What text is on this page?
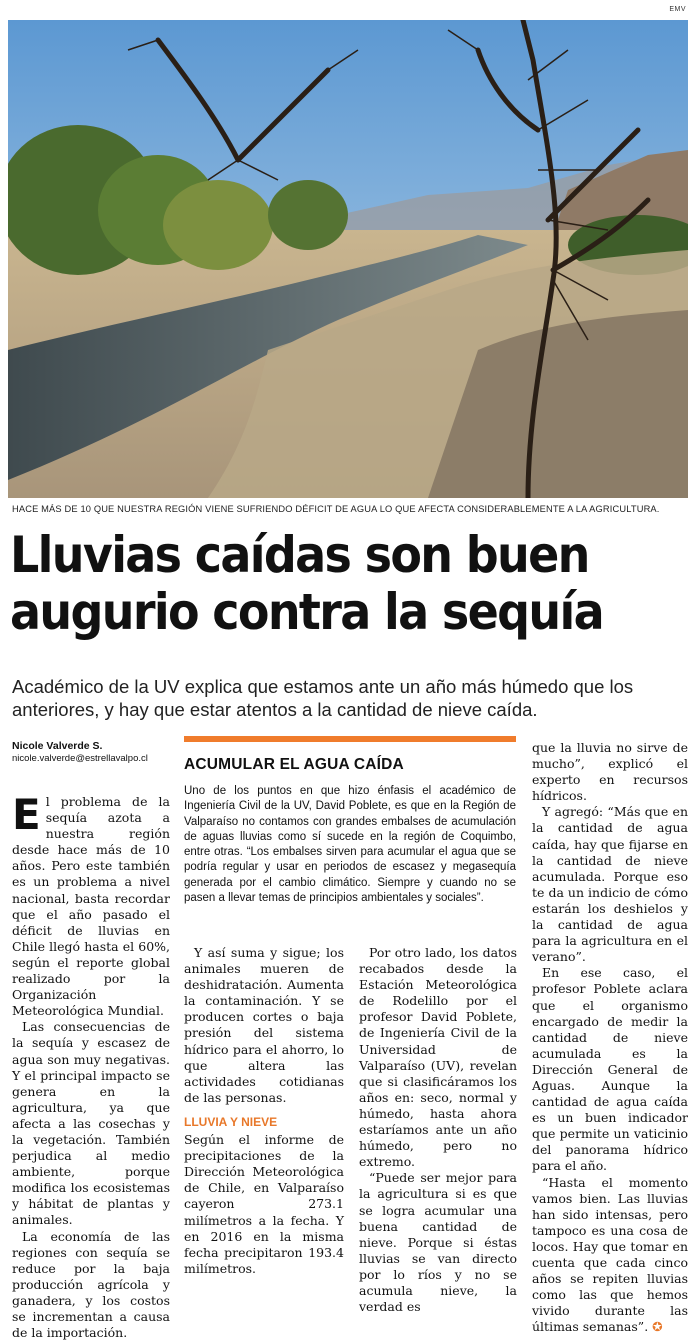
EMV
HACE MÁS DE 10 QUE NUESTRA REGIÓN VIENE SUFRIENDO DÉFICIT DE AGUA LO QUE AFECTA CONSIDERABLEMENTE A LA AGRICULTURA.
Lluvias caídas son buen augurio contra la sequía

Académico de la UV explica que estamos ante un año más húmedo que los anteriores, y hay que estar atentos a la cantidad de nieve caída.

Nicole Valverde S.
nicole.valverde@estrellavalpo.cl

El problema de la sequía azota a nuestra región desde hace más de 10 años. Pero este también es un problema a nivel nacional, basta recordar que el año pasado el déficit de lluvias en Chile llegó hasta el 60%, según el reporte global realizado por la Organización Meteorológica Mundial.

Las consecuencias de la sequía y escasez de agua son muy negativas. Y el principal impacto se genera en la agricultura, ya que afecta a las cosechas y la vegetación. También perjudica al medio ambiente, porque modifica los ecosistemas y hábitat de plantas y animales.

La economía de las regiones con sequía se reduce por la baja producción agrícola y ganadera, y los costos se incrementan a causa de la importación.

ACUMULAR EL AGUA CAÍDA

Uno de los puntos en que hizo énfasis el académico de Ingeniería Civil de la UV, David Poblete, es que en la Región de Valparaíso no contamos con grandes embalses de acumulación de aguas lluvias como sí sucede en la región de Coquimbo, entre otras. “Los embalses sirven para acumular el agua que se podría regular y usar en periodos de escasez y megasequía generada por el cambio climático. Siempre y cuando no se pasen a llevar temas de principios ambientales y sociales”.

Y así suma y sigue; los animales mueren de deshidratación. Aumenta la contaminación. Y se producen cortes o baja presión del sistema hídrico para el ahorro, lo que altera las actividades cotidianas de las personas.

LLUVIA Y NIEVE

Según el informe de precipitaciones de la Dirección Meteorológica de Chile, en Valparaíso cayeron 273.1 milímetros a la fecha. Y en 2016 en la misma fecha precipitaron 193.4 milímetros.

Por otro lado, los datos recabados desde la Estación Meteorológica de Rodelillo por el profesor David Poblete, de Ingeniería Civil de la Universidad de Valparaíso (UV), revelan que si clasificáramos los años en: seco, normal y húmedo, hasta ahora estaríamos ante un año húmedo, pero no extremo.

“Puede ser mejor para la agricultura si es que se logra acumular una buena cantidad de nieve. Porque si éstas lluvias se van directo por lo ríos y no se acumula nieve, la verdad es

que la lluvia no sirve de mucho”, explicó el experto en recursos hídricos.

Y agregó: “Más que en la cantidad de agua caída, hay que fijarse en la cantidad de nieve acumulada. Porque eso te da un indicio de cómo estarán los deshielos y la cantidad de agua para la agricultura en el verano”.

En ese caso, el profesor Poblete aclara que el organismo encargado de medir la cantidad de nieve acumulada es la Dirección General de Aguas. Aunque la cantidad de agua caída es un buen indicador que permite un vaticinio del panorama hídrico para el año.

“Hasta el momento vamos bien. Las lluvias han sido intensas, pero tampoco es una cosa de locos. Hay que tomar en cuenta que cada cinco años se repiten lluvias como las que hemos vivido durante las últimas semanas”. ✪
